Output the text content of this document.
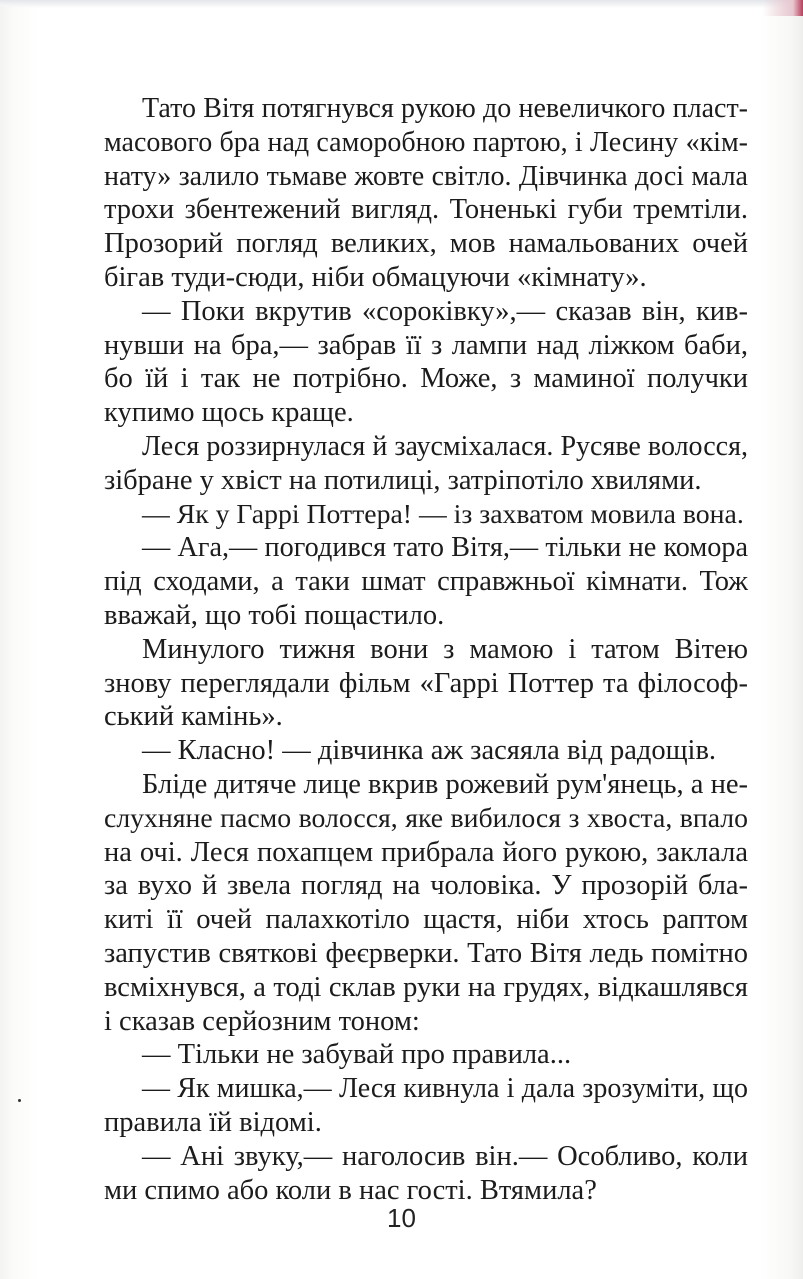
Тато Вітя потягнувся рукою до невеличкого пласт-
масового бра над саморобною партою, і Лесину «кім-
нату» залило тьмаве жовте світло. Дівчинка досі мала
трохи збентежений вигляд. Тоненькі губи тремтіли.
Прозорий погляд великих, мов намальованих очей
бігав туди-сюди, ніби обмацуючи «кімнату».
— Поки вкрутив «сороківку»,— сказав він, кив-
нувши на бра,— забрав її з лампи над ліжком баби,
бо їй і так не потрібно. Може, з маминої получки
купимо щось краще.
Леся роззирнулася й заусміхалася. Русяве волосся,
зібране у хвіст на потилиці, затріпотіло хвилями.
— Як у Гаррі Поттера! — із захватом мовила вона.
— Ага,— погодився тато Вітя,— тільки не комора
під сходами, а таки шмат справжньої кімнати. Тож
вважай, що тобі пощастило.
Минулого тижня вони з мамою і татом Вітею
знову переглядали фільм «Гаррі Поттер та філософ-
ський камінь».
— Класно! — дівчинка аж засяяла від радощів.
Бліде дитяче лице вкрив рожевий рум'янець, а не-
слухняне пасмо волосся, яке вибилося з хвоста, впало
на очі. Леся похапцем прибрала його рукою, заклала
за вухо й звела погляд на чоловіка. У прозорій бла-
киті її очей палахкотіло щастя, ніби хтось раптом
запустив святкові феєрверки. Тато Вітя ледь помітно
всміхнувся, а тоді склав руки на грудях, відкашлявся
і сказав серйозним тоном:
— Тільки не забувай про правила...
— Як мишка,— Леся кивнула і дала зрозуміти, що
правила їй відомі.
— Ані звуку,— наголосив він.— Особливо, коли
ми спимо або коли в нас гості. Втямила?
10
